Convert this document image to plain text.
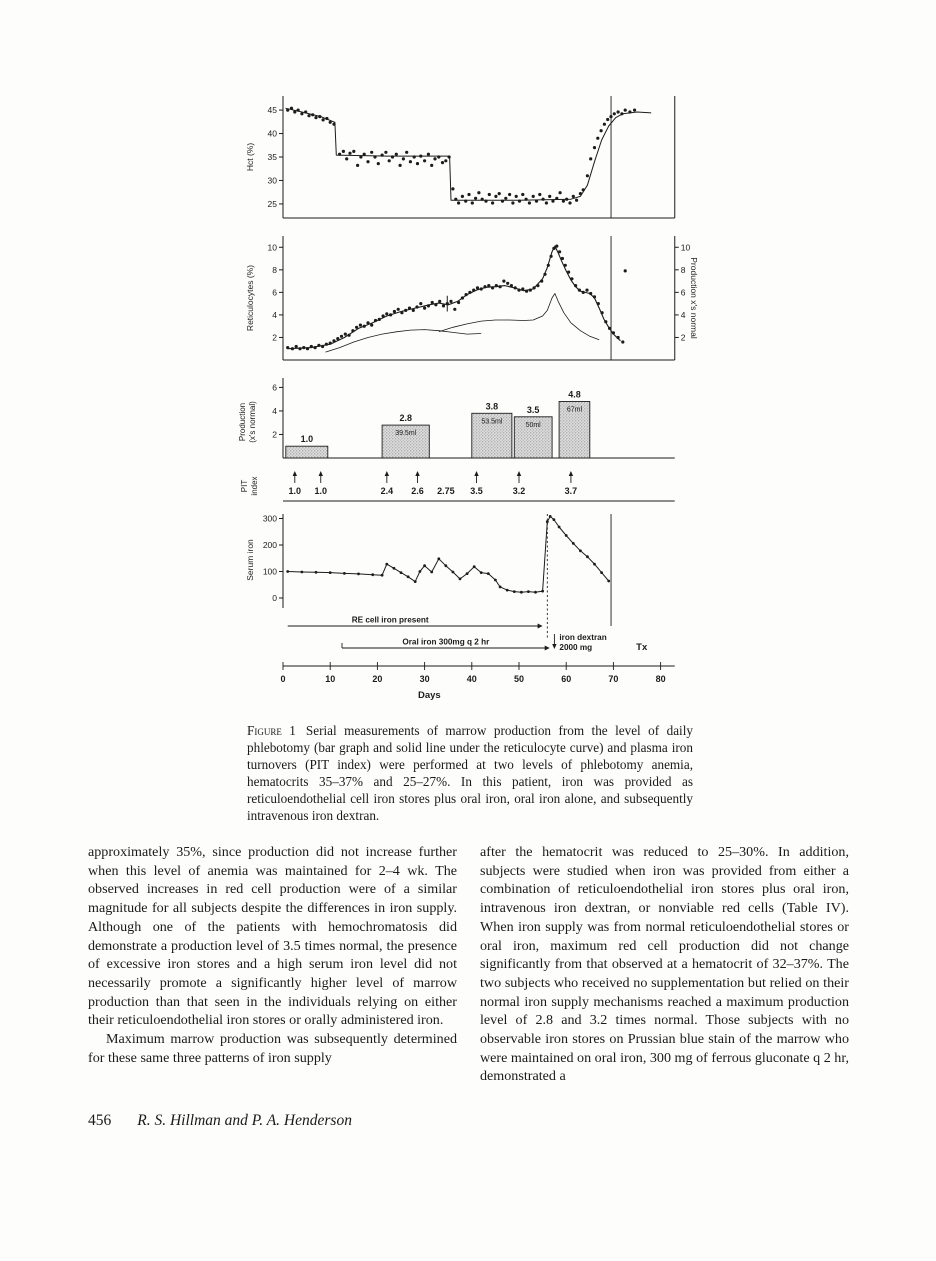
25
30
35
40
45
Hct (%)
2	2
4	4
6	6
8	8
10	10
Reticulocytes (%)	Production x's normal
2
4
6
Production (x's normal)	1.0
2.8
39.5ml
3.8
53.5ml
3.5
50ml
4.8
67ml
1.0 1.0	2.4 2.6 2.75 3.5	3.2	3.7
PIT index
0
100
200
300
Serum iron
RE cell iron present
Oral iron 300mg q 2 hr	iron dextran
2000 mg	Tx
0	10	20	30	40	50	60	70	80
Days
Figure 1 Serial measurements of marrow production from the level of daily phlebotomy (bar graph and solid line under the reticulocyte curve) and plasma iron turnovers (PIT index) were performed at two levels of phlebotomy anemia, hematocrits 35–37% and 25–27%. In this patient, iron was provided as reticuloendothelial cell iron stores plus oral iron, oral iron alone, and subsequently intravenous iron dextran.

approximately 35%, since production did not increase further when this level of anemia was maintained for 2–4 wk. The observed increases in red cell production were of a similar magnitude for all subjects despite the differences in iron supply. Although one of the patients with hemochromatosis did demonstrate a production level of 3.5 times normal, the presence of excessive iron stores and a high serum iron level did not necessarily promote a significantly higher level of marrow production than that seen in the individuals relying on either their reticuloendothelial iron stores or orally administered iron.

Maximum marrow production was subsequently determined for these same three patterns of iron supply

after the hematocrit was reduced to 25–30%. In addition, subjects were studied when iron was provided from either a combination of reticuloendothelial iron stores plus oral iron, intravenous iron dextran, or nonviable red cells (Table IV). When iron supply was from normal reticuloendothelial stores or oral iron, maximum red cell production did not change significantly from that observed at a hematocrit of 32–37%. The two subjects who received no supplementation but relied on their normal iron supply mechanisms reached a maximum production level of 2.8 and 3.2 times normal. Those subjects with no observable iron stores on Prussian blue stain of the marrow who were maintained on oral iron, 300 mg of ferrous gluconate q 2 hr, demonstrated a

456 R. S. Hillman and P. A. Henderson
